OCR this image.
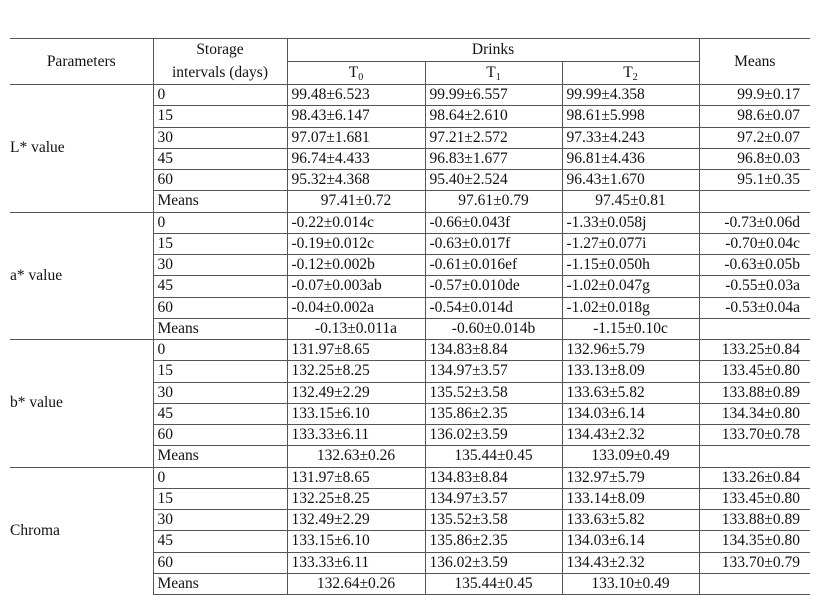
Parameters	Storage	Drinks			Means
	intervals (days)	$T_0$	$T_1$	$T_2$
L* value	0	99.48±6.523	99.99±6.557	99.99±4.358	99.9±0.17
	15	98.43±6.147	98.64±2.610	98.61±5.998	98.6±0.07
	30	97.07±1.681	97.21±2.572	97.33±4.243	97.2±0.07
	45	96.74±4.433	96.83±1.677	96.81±4.436	96.8±0.03
	60	95.32±4.368	95.40±2.524	96.43±1.670	95.1±0.35
	Means	97.41±0.72	97.61±0.79	97.45±0.81	
a* value	0	-0.22±0.014c	-0.66±0.043f	-1.33±0.058j	-0.73±0.06d
	15	-0.19±0.012c	-0.63±0.017f	-1.27±0.077i	-0.70±0.04c
	30	-0.12±0.002b	-0.61±0.016ef	-1.15±0.050h	-0.63±0.05b
	45	-0.07±0.003ab	-0.57±0.010de	-1.02±0.047g	-0.55±0.03a
	60	-0.04±0.002a	-0.54±0.014d	-1.02±0.018g	-0.53±0.04a
	Means	-0.13±0.011a	-0.60±0.014b	-1.15±0.10c	
b* value	0	131.97±8.65	134.83±8.84	132.96±5.79	133.25±0.84
	15	132.25±8.25	134.97±3.57	133.13±8.09	133.45±0.80
	30	132.49±2.29	135.52±3.58	133.63±5.82	133.88±0.89
	45	133.15±6.10	135.86±2.35	134.03±6.14	134.34±0.80
	60	133.33±6.11	136.02±3.59	134.43±2.32	133.70±0.78
	Means	132.63±0.26	135.44±0.45	133.09±0.49	
Chroma	0	131.97±8.65	134.83±8.84	132.97±5.79	133.26±0.84
	15	132.25±8.25	134.97±3.57	133.14±8.09	133.45±0.80
	30	132.49±2.29	135.52±3.58	133.63±5.82	133.88±0.89
	45	133.15±6.10	135.86±2.35	134.03±6.14	134.35±0.80
	60	133.33±6.11	136.02±3.59	134.43±2.32	133.70±0.79
	Means	132.64±0.26	135.44±0.45	133.10±0.49	
